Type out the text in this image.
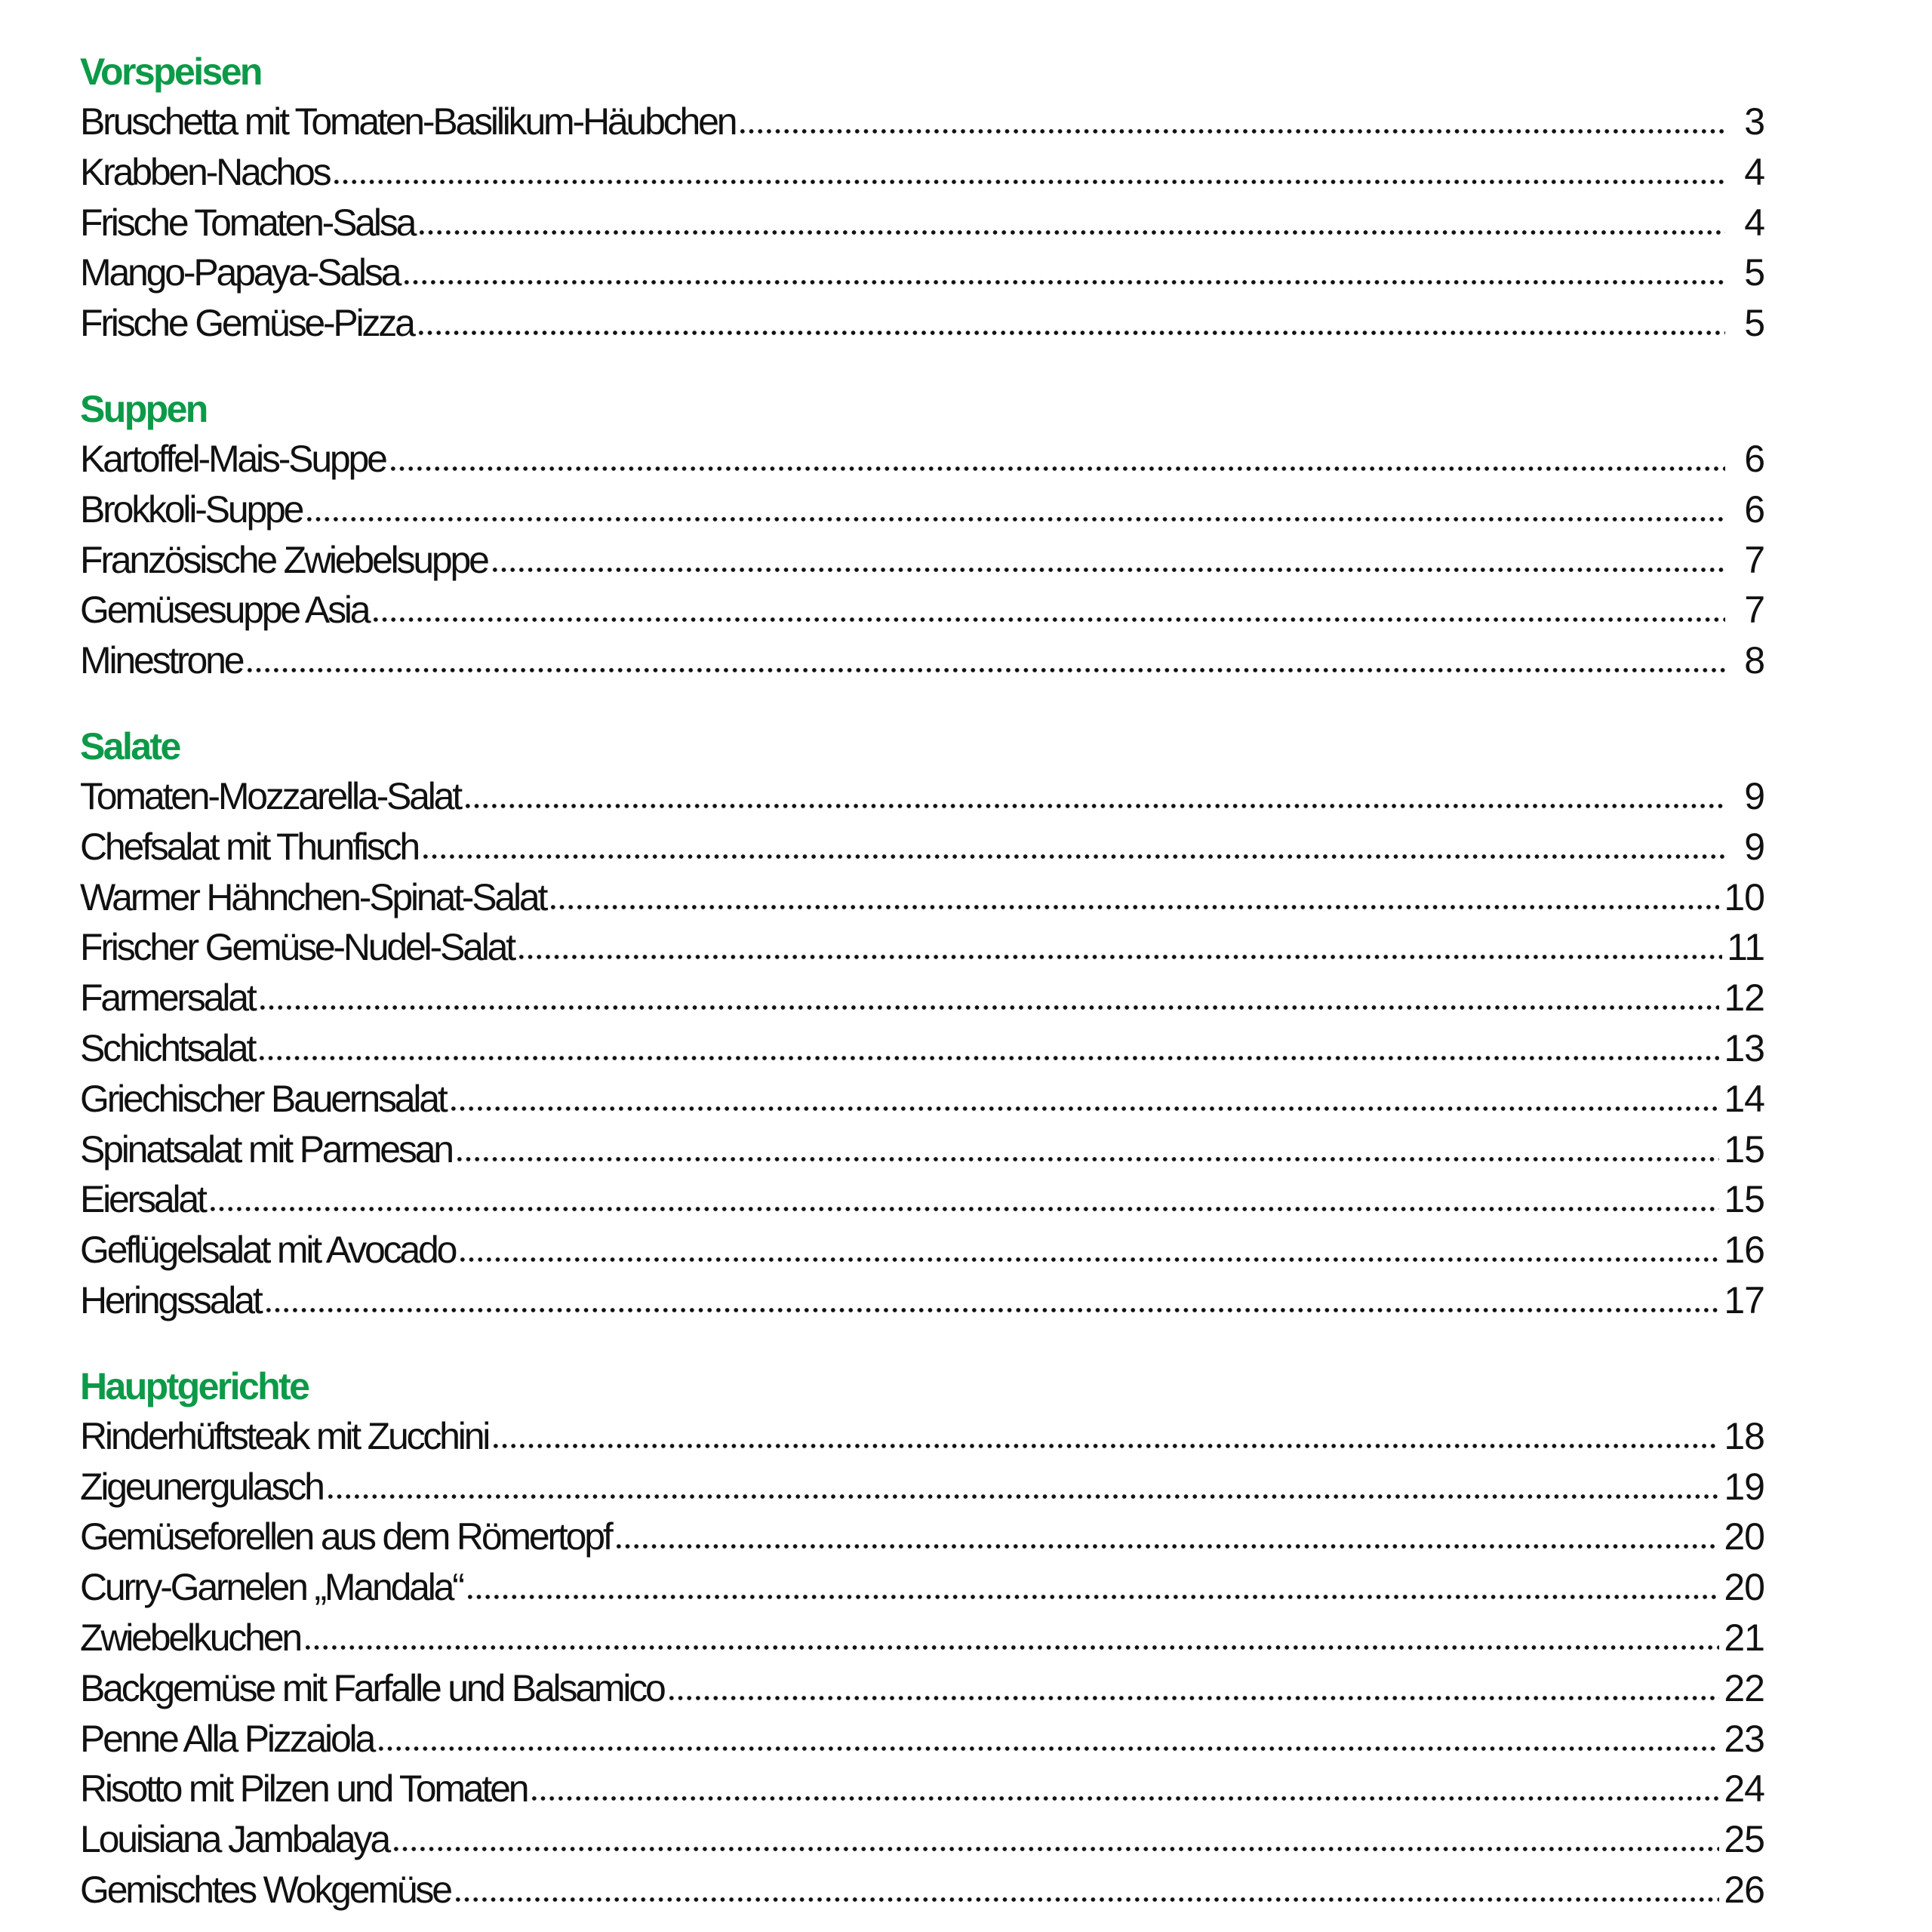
Vorspeisen
Bruschetta mit Tomaten-Basilikum-Häubchen	3
Krabben-Nachos	4
Frische Tomaten-Salsa	4
Mango-Papaya-Salsa	5
Frische Gemüse-Pizza	5
Suppen
Kartoffel-Mais-Suppe	6
Brokkoli-Suppe	6
Französische Zwiebelsuppe	7
Gemüsesuppe Asia	7
Minestrone	8
Salate
Tomaten-Mozzarella-Salat	9
Chefsalat mit Thunfisch	9
Warmer Hähnchen-Spinat-Salat	10
Frischer Gemüse-Nudel-Salat	11
Farmersalat	12
Schichtsalat	13
Griechischer Bauernsalat	14
Spinatsalat mit Parmesan	15
Eiersalat	15
Geflügelsalat mit Avocado	16
Heringssalat	17
Hauptgerichte
Rinderhüftsteak mit Zucchini	18
Zigeunergulasch	19
Gemüseforellen aus dem Römertopf	20
Curry-Garnelen „Mandala“	20
Zwiebelkuchen	21
Backgemüse mit Farfalle und Balsamico	22
Penne Alla Pizzaiola	23
Risotto mit Pilzen und Tomaten	24
Louisiana Jambalaya	25
Gemischtes Wokgemüse	26
